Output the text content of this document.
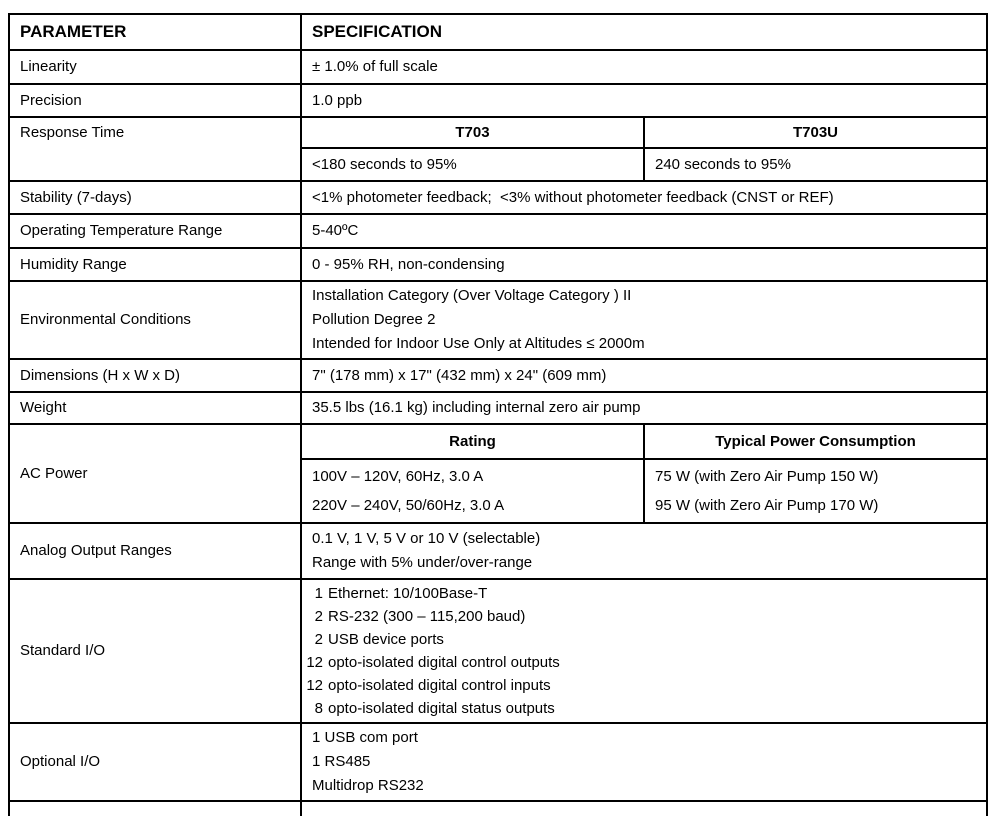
PARAMETER	SPECIFICATION	
Linearity	± 1.0% of full scale	
Precision	1.0 ppb	
Response Time	T703	T703U
	<180 seconds to 95%	240 seconds to 95%
Stability (7-days)	<1% photometer feedback;  <3% without photometer feedback (CNST or REF)	
Operating Temperature Range	5-40ºC	
Humidity Range	0 - 95% RH, non-condensing	
Environmental Conditions	Installation Category (Over Voltage Category ) II
Pollution Degree 2
Intended for Indoor Use Only at Altitudes ≤ 2000m	

Dimensions (H x W x D)	7" (178 mm) x 17" (432 mm) x 24" (609 mm)	
Weight	35.5 lbs (16.1 kg) including internal zero air pump	
AC Power	Rating	Typical Power Consumption

100V – 120V, 60Hz, 3.0 A
220V – 240V, 50/60Hz, 3.0 A

75 W (with Zero Air Pump 150 W)
95 W (with Zero Air Pump 170 W)

Analog Output Ranges	0.1 V, 1 V, 5 V or 10 V (selectable)
Range with 5% under/over-range	

Standard I/O	
1 Ethernet: 10/100Base-T
2 RS-232 (300 – 115,200 baud)
2 USB device ports
12 opto-isolated digital control outputs
12 opto-isolated digital control inputs
8 opto-isolated digital status outputs

Optional I/O	1 USB com port
1 RS485
Multidrop RS232	
